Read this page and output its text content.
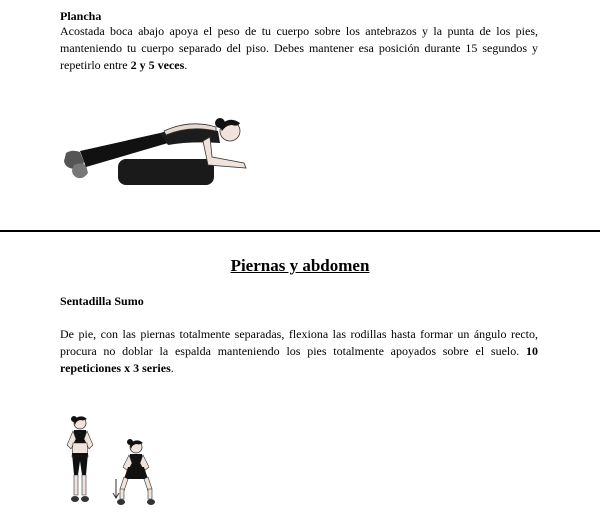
Plancha

Acostada boca abajo apoya el peso de tu cuerpo sobre los antebrazos y la punta de los pies, manteniendo tu cuerpo separado del piso. Debes mantener esa posición durante 15 segundos y repetirlo entre 2 y 5 veces.

Piernas y abdomen
Sentadilla Sumo

De pie, con las piernas totalmente separadas, flexiona las rodillas hasta formar un ángulo recto, procura no doblar la espalda manteniendo los pies totalmente apoyados sobre el suelo. 10 repeticiones x 3 series.
